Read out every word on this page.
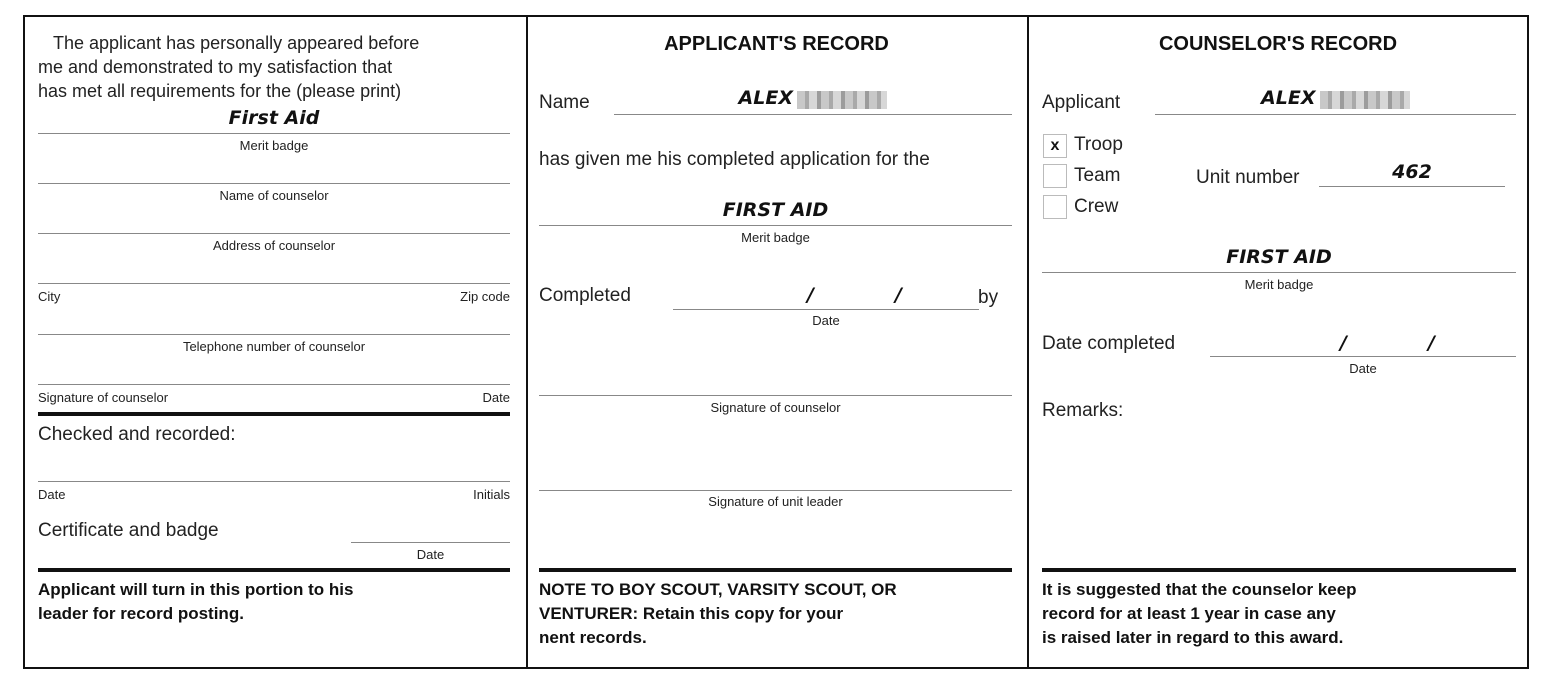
The applicant has personally appeared before
me and demonstrated to my satisfaction that
has met all requirements for the (please print)
First Aid
Merit badge
Name of counselor
Address of counselor
City	Zip code
Telephone number of counselor
Signature of counselor	Date
Checked and recorded:
Date	Initials
Certificate and badge
Date
Applicant will turn in this portion to his
leader for record posting.
APPLICANT'S RECORD
Name	ALEX
has given me his completed application for the
FIRST AID
Merit badge
Completed	/	/	by
Date
Signature of counselor
Signature of unit leader
NOTE TO BOY SCOUT, VARSITY SCOUT, OR
VENTURER: Retain this copy for your
nent records.
COUNSELOR'S RECORD
Applicant	ALEX
x Troop
Team
Crew
Unit number	462
FIRST AID
Merit badge
Date completed	/	/
Date
Remarks:
It is suggested that the counselor keep
record for at least 1 year in case any
is raised later in regard to this award.
